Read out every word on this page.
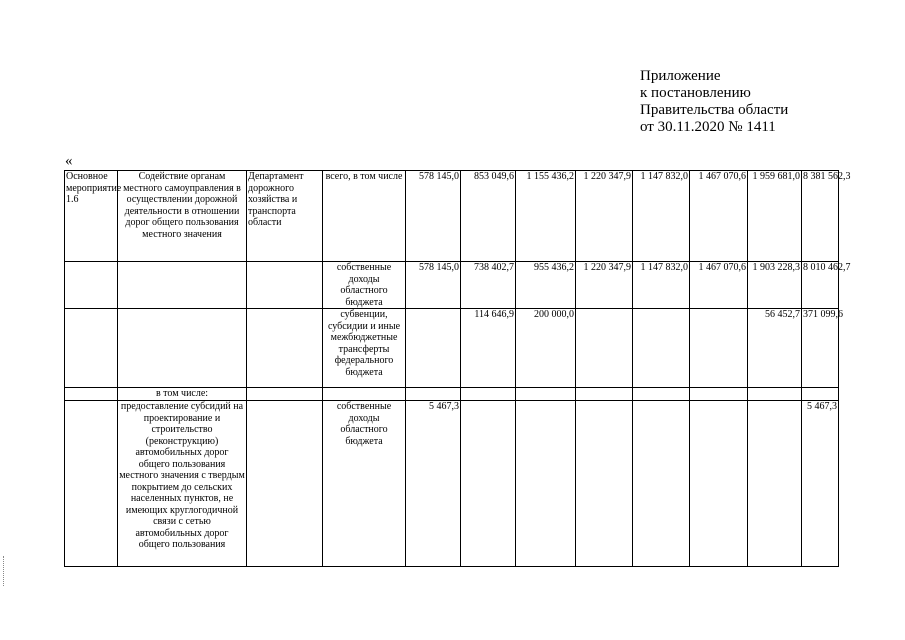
Приложение
к постановлению
Правительства области
от 30.11.2020 № 1411
«
Основное мероприятие 1.6	Содействие органам местного самоуправления в осуществлении дорожной деятельности в отношении дорог общего пользования местного значения	Департамент дорожного хозяйства и транспорта области	всего, в том числе	578 145,0	853 049,6	1 155 436,2	1 220 347,9	1 147 832,0	1 467 070,6	1 959 681,0	8 381 562,3
			собственные доходы областного бюджета	578 145,0	738 402,7	955 436,2	1 220 347,9	1 147 832,0	1 467 070,6	1 903 228,3	8 010 462,7
			субвенции, субсидии и иные межбюджетные трансферты федерального бюджета		114 646,9	200 000,0				56 452,7	371 099,6
	в том числе:										
	предоставление субсидий на проектирование и строительство (реконструкцию) автомобильных дорог общего пользования местного значения с твердым покрытием до сельских населенных пунктов, не имеющих круглогодичной связи с сетью автомобильных дорог общего пользования		собственные доходы областного бюджета	5 467,3							5 467,3
